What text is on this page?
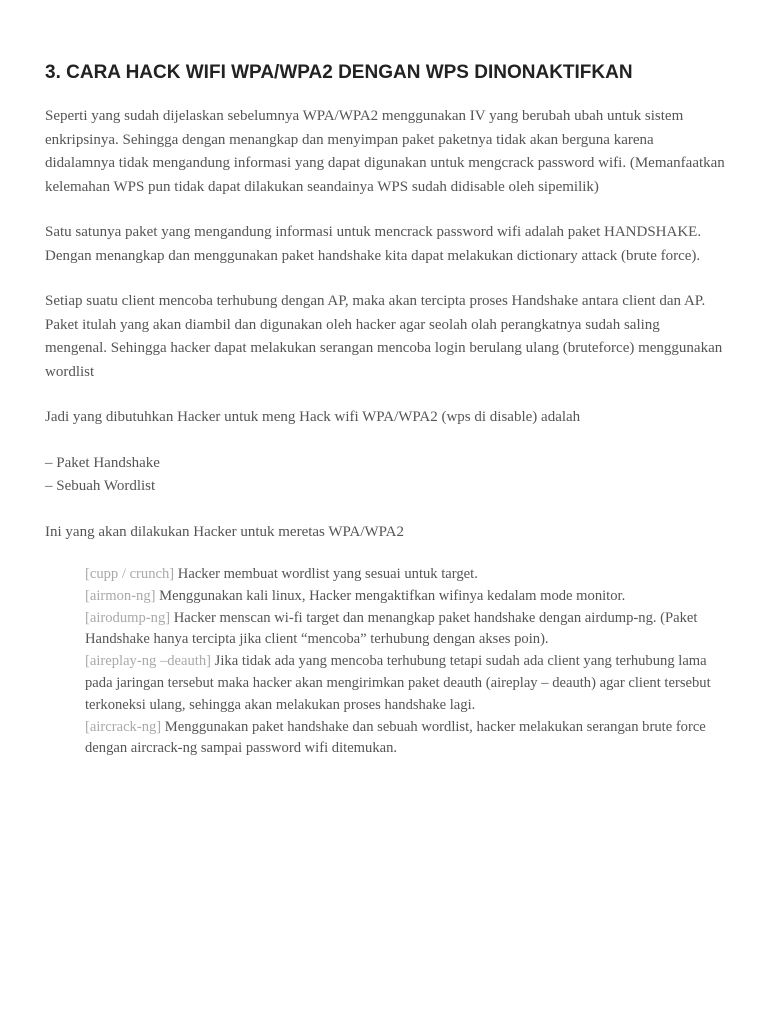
3. CARA HACK WIFI WPA/WPA2 DENGAN WPS DINONAKTIFKAN

Seperti yang sudah dijelaskan sebelumnya WPA/WPA2 menggunakan IV yang berubah ubah untuk sistem enkripsinya. Sehingga dengan menangkap dan menyimpan paket paketnya tidak akan berguna karena didalamnya tidak mengandung informasi yang dapat digunakan untuk mengcrack password wifi. (Memanfaatkan kelemahan WPS pun tidak dapat dilakukan seandainya WPS sudah didisable oleh sipemilik)

Satu satunya paket yang mengandung informasi untuk mencrack password wifi adalah paket HANDSHAKE. Dengan menangkap dan menggunakan paket handshake kita dapat melakukan dictionary attack (brute force).

Setiap suatu client mencoba terhubung dengan AP, maka akan tercipta proses Handshake antara client dan AP. Paket itulah yang akan diambil dan digunakan oleh hacker agar seolah olah perangkatnya sudah saling mengenal. Sehingga hacker dapat melakukan serangan mencoba login berulang ulang (bruteforce) menggunakan wordlist

Jadi yang dibutuhkan Hacker untuk meng Hack wifi WPA/WPA2 (wps di disable) adalah

– Paket Handshake
– Sebuah Wordlist

Ini yang akan dilakukan Hacker untuk meretas WPA/WPA2

[cupp / crunch] Hacker membuat wordlist yang sesuai untuk target.
[airmon-ng] Menggunakan kali linux, Hacker mengaktifkan wifinya kedalam mode monitor.
[airodump-ng] Hacker menscan wi-fi target dan menangkap paket handshake dengan airdump-ng. (Paket Handshake hanya tercipta jika client “mencoba” terhubung dengan akses poin).
[aireplay-ng –deauth] Jika tidak ada yang mencoba terhubung tetapi sudah ada client yang terhubung lama pada jaringan tersebut maka hacker akan mengirimkan paket deauth (aireplay – deauth) agar client tersebut terkoneksi ulang, sehingga akan melakukan proses handshake lagi.
[aircrack-ng] Menggunakan paket handshake dan sebuah wordlist, hacker melakukan serangan brute force dengan aircrack-ng sampai password wifi ditemukan.
